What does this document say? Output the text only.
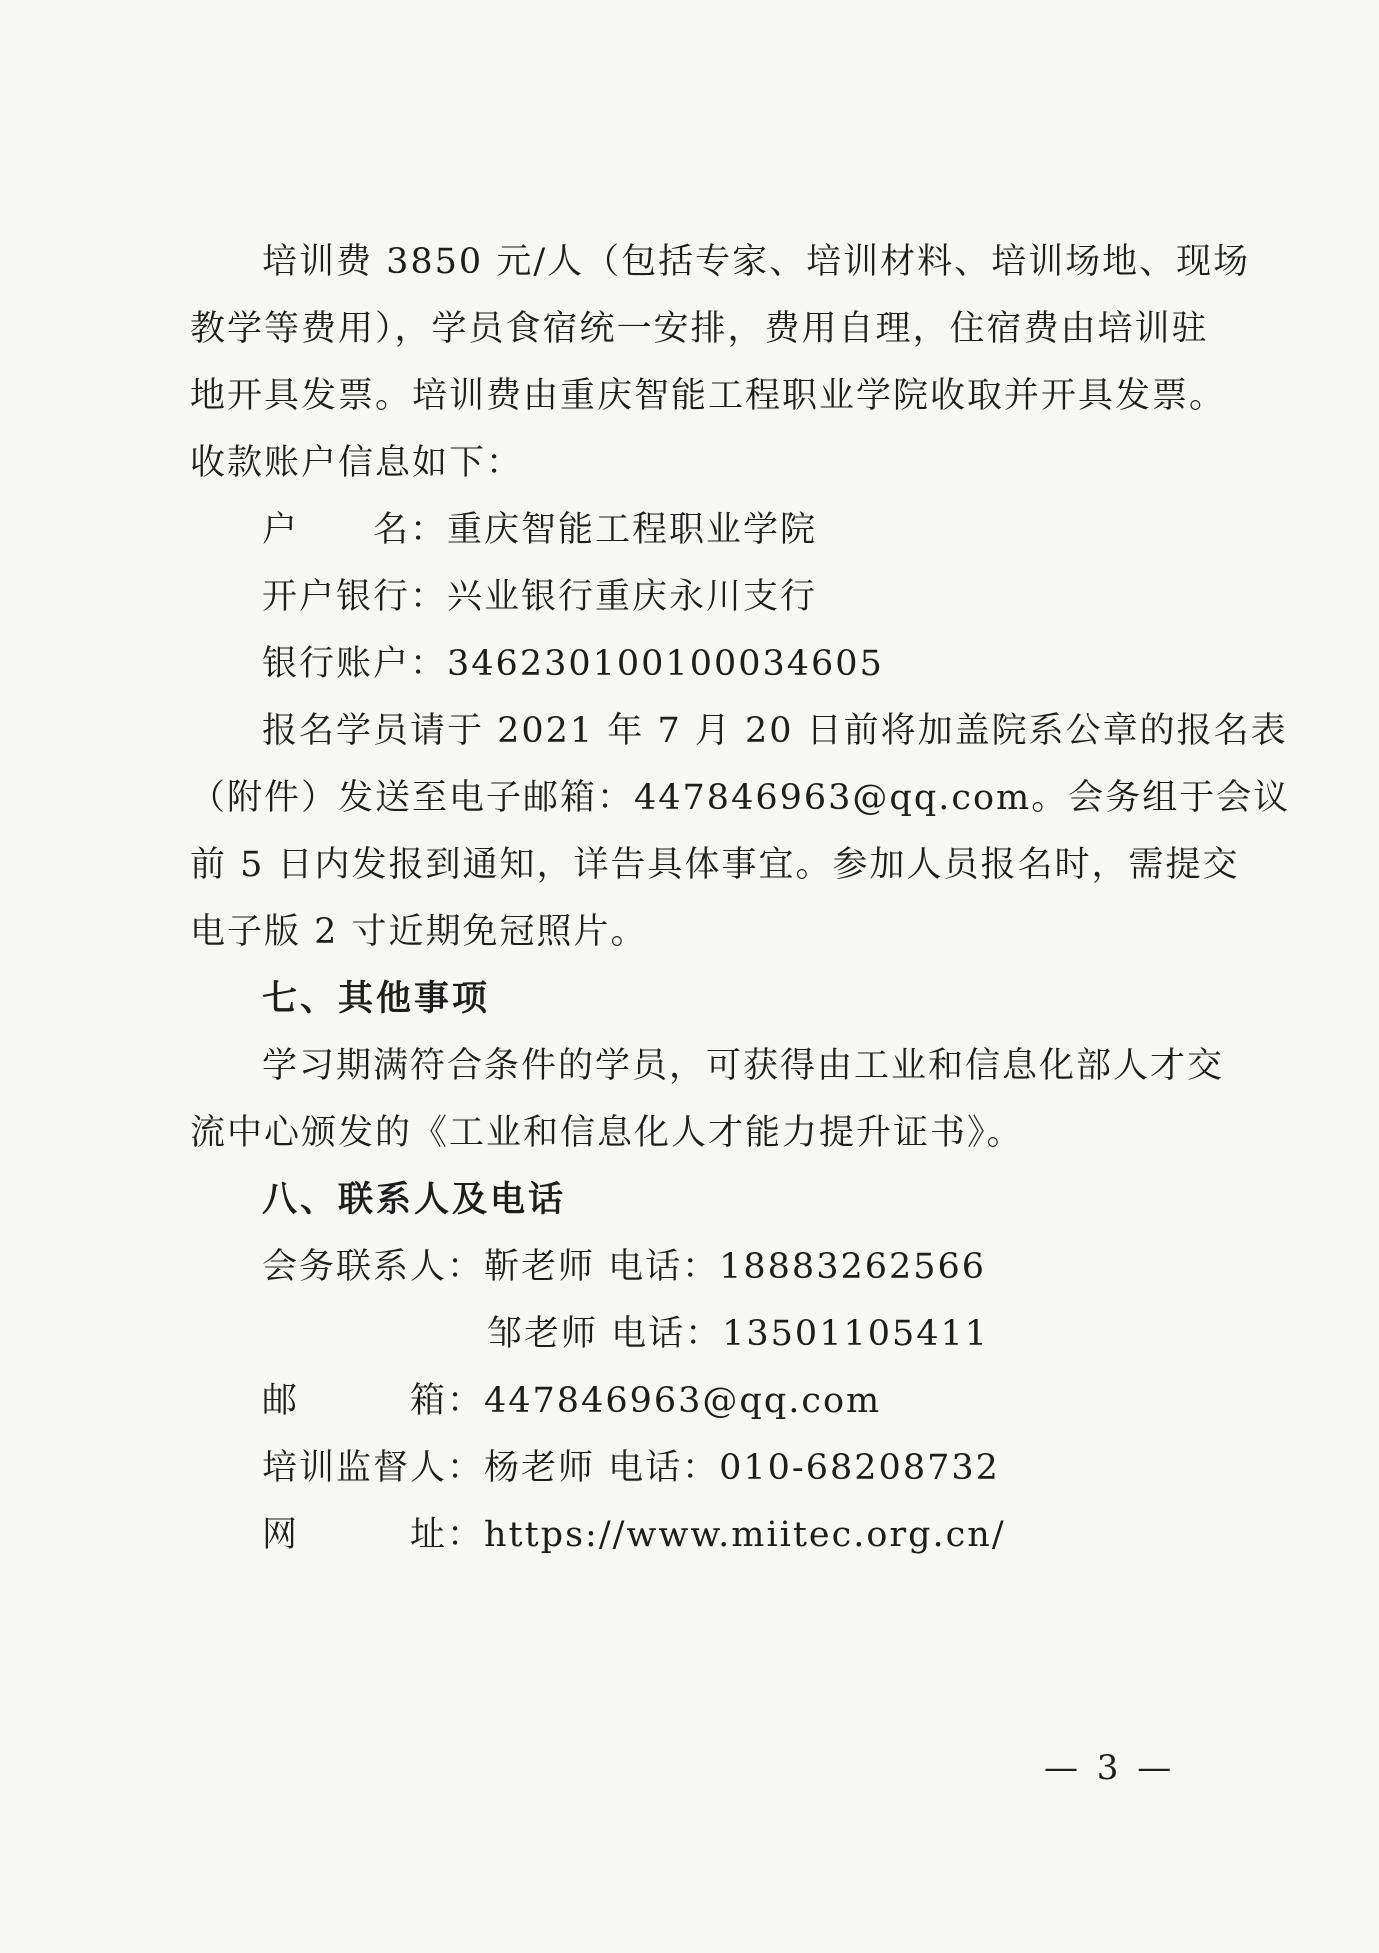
培训费 3850 元/人（包括专家、培训材料、培训场地、现场
教学等费用），学员食宿统一安排，费用自理，住宿费由培训驻
地开具发票。培训费由重庆智能工程职业学院收取并开具发票。
收款账户信息如下：
户　　名：重庆智能工程职业学院
开户银行：兴业银行重庆永川支行
银行账户：346230100100034605
报名学员请于 2021 年 7 月 20 日前将加盖院系公章的报名表
（附件）发送至电子邮箱：447846963@qq.com。会务组于会议
前 5 日内发报到通知，详告具体事宜。参加人员报名时，需提交
电子版 2 寸近期免冠照片。
七、其他事项
学习期满符合条件的学员，可获得由工业和信息化部人才交
流中心颁发的《工业和信息化人才能力提升证书》。
八、联系人及电话
会务联系人：靳老师 电话：18883262566
邹老师 电话：13501105411
邮　　　箱：447846963@qq.com
培训监督人：杨老师 电话：010-68208732
网　　　址：https://www.miitec.org.cn/
— 3 —
